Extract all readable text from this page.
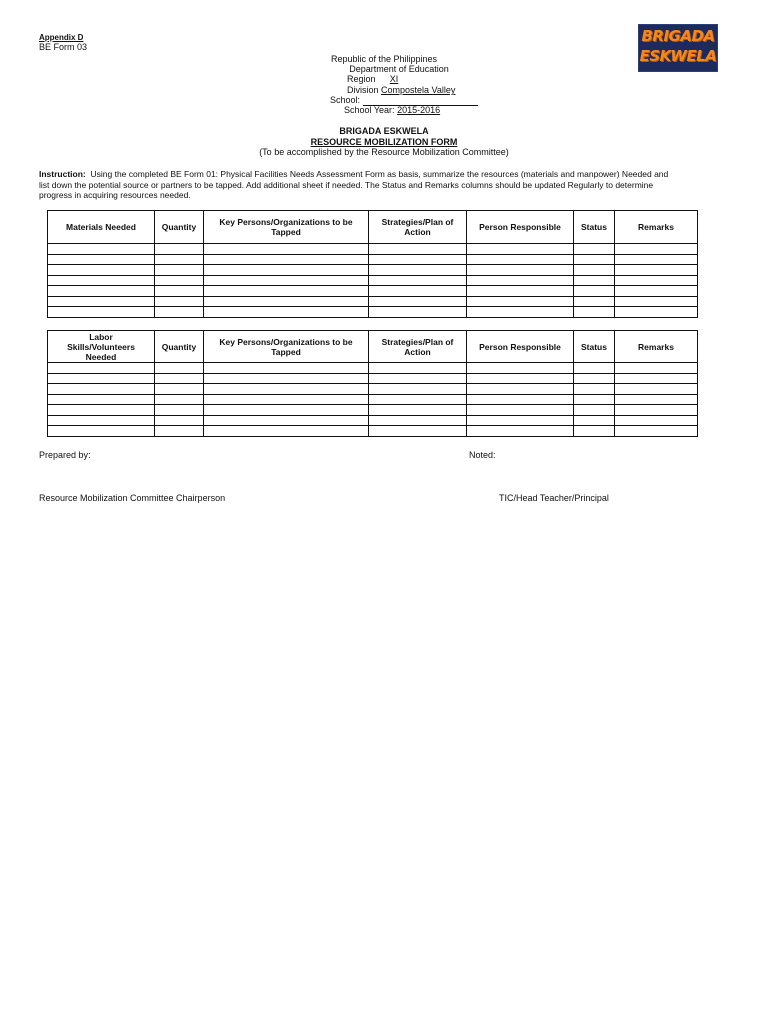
Appendix D
BE Form 03
BRIGADA
ESKWELA
Republic of the Philippines
Department of Education
Region XI
Division Compostela Valley
School:
School Year: 2015-2016
BRIGADA ESKWELA
RESOURCE MOBILIZATION FORM
(To be accomplished by the Resource Mobilization Committee)
Instruction: Using the completed BE Form 01: Physical Facilities Needs Assessment Form as basis, summarize the resources (materials and manpower) Needed and list down the potential source or partners to be tapped. Add additional sheet if needed. The Status and Remarks columns should be updated Regularly to determine progress in acquiring resources needed.
Materials Needed	Quantity	Key Persons/Organizations to be Tapped	Strategies/Plan of Action	Person Responsible	Status	Remarks

Labor Skills/Volunteers Needed	Quantity	Key Persons/Organizations to be Tapped	Strategies/Plan of Action	Person Responsible	Status	Remarks

Prepared by:	Noted:
Resource Mobilization Committee Chairperson	TIC/Head Teacher/Principal
